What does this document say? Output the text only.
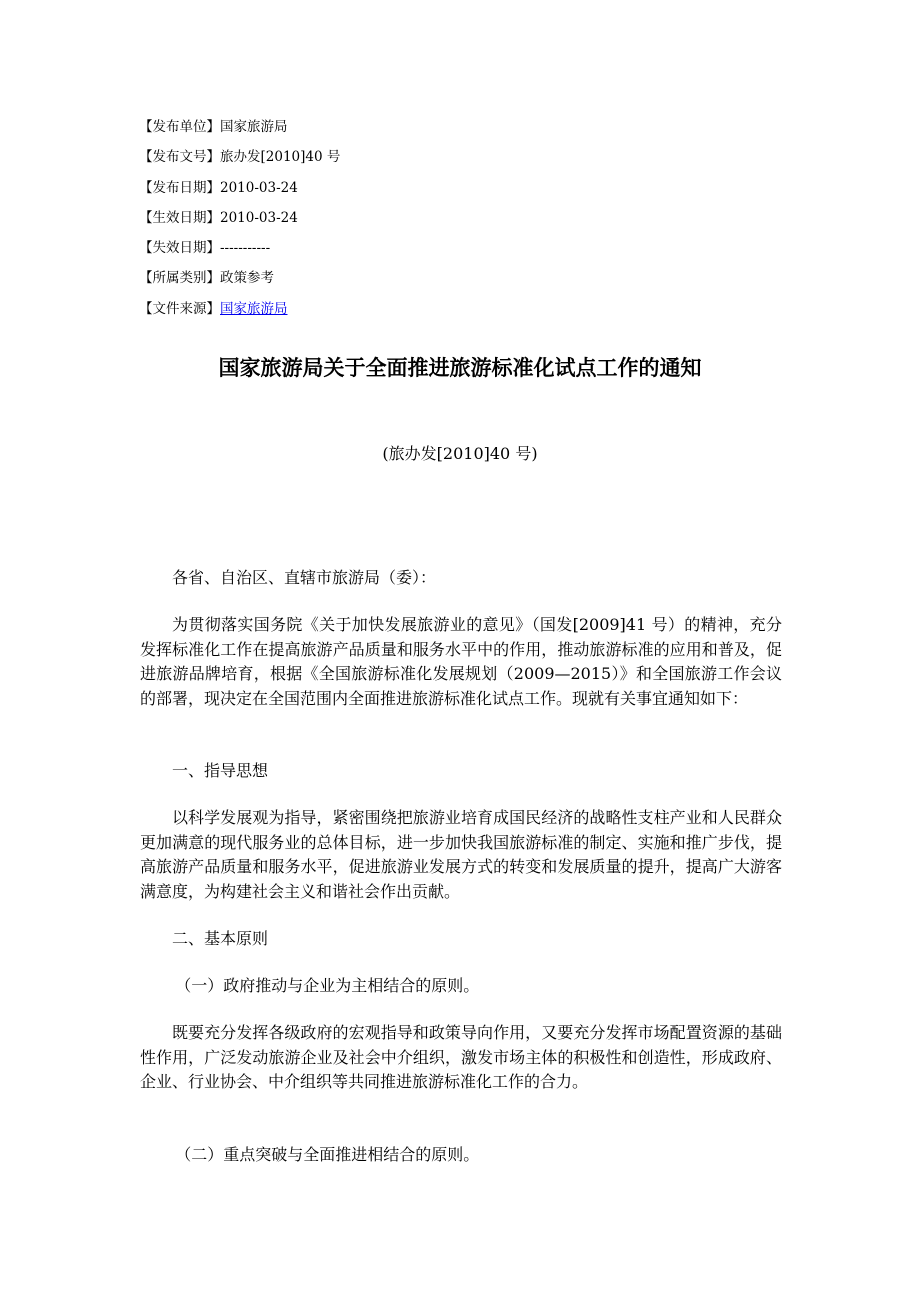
【发布单位】国家旅游局
【发布文号】旅办发[2010]40 号
【发布日期】2010-03-24
【生效日期】2010-03-24
【失效日期】-----------
【所属类别】政策参考
【文件来源】国家旅游局
国家旅游局关于全面推进旅游标准化试点工作的通知
(旅办发[2010]40 号)

各省、自治区、直辖市旅游局（委）：

为贯彻落实国务院《关于加快发展旅游业的意见》（国发[2009]41 号）的精神，充分发挥标准化工作在提高旅游产品质量和服务水平中的作用，推动旅游标准的应用和普及，促进旅游品牌培育，根据《全国旅游标准化发展规划（2009—2015）》和全国旅游工作会议的部署，现决定在全国范围内全面推进旅游标准化试点工作。现就有关事宜通知如下：

一、指导思想

以科学发展观为指导，紧密围绕把旅游业培育成国民经济的战略性支柱产业和人民群众更加满意的现代服务业的总体目标，进一步加快我国旅游标准的制定、实施和推广步伐，提高旅游产品质量和服务水平，促进旅游业发展方式的转变和发展质量的提升，提高广大游客满意度，为构建社会主义和谐社会作出贡献。

二、基本原则

（一）政府推动与企业为主相结合的原则。

既要充分发挥各级政府的宏观指导和政策导向作用，又要充分发挥市场配置资源的基础性作用，广泛发动旅游企业及社会中介组织，激发市场主体的积极性和创造性，形成政府、企业、行业协会、中介组织等共同推进旅游标准化工作的合力。

（二）重点突破与全面推进相结合的原则。
